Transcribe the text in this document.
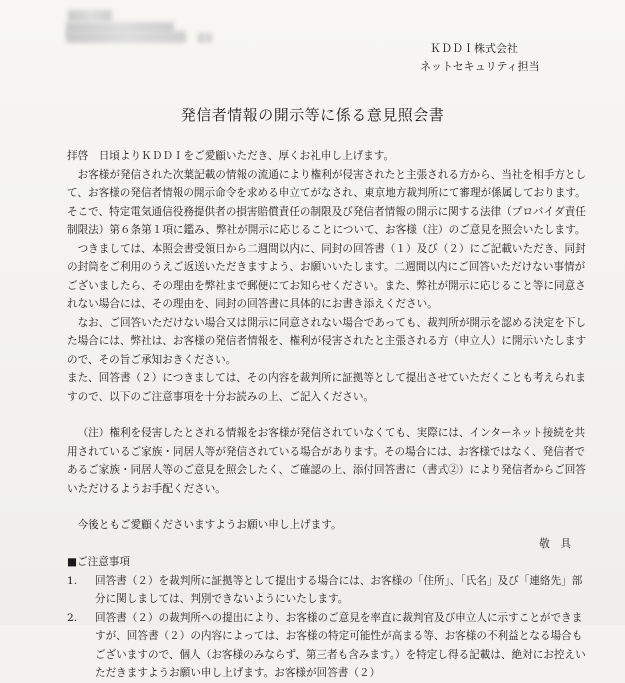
ＫＤＤＩ株式会社
ネットセキュリティ担当
発信者情報の開示等に係る意見照会書

拝啓　日頃よりＫＤＤＩをご愛顧いただき、厚くお礼申し上げます。

お客様が発信された次葉記載の情報の流通により権利が侵害されたと主張される方から、当社を相手方として、お客様の発信者情報の開示命令を求める申立てがなされ、東京地方裁判所にて審理が係属しております。そこで、特定電気通信役務提供者の損害賠償責任の制限及び発信者情報の開示に関する法律（プロバイダ責任制限法）第６条第１項に鑑み、弊社が開示に応じることについて、お客様（注）のご意見を照会いたします。

つきましては、本照会書受領日から二週間以内に、同封の回答書（１）及び（２）にご記載いただき、同封の封筒をご利用のうえご返送いただきますよう、お願いいたします。二週間以内にご回答いただけない事情がございましたら、その理由を弊社まで郵便にてお知らせください。また、弊社が開示に応じること等に同意されない場合には、その理由を、同封の回答書に具体的にお書き添えください。

なお、ご回答いただけない場合又は開示に同意されない場合であっても、裁判所が開示を認める決定を下した場合には、弊社は、お客様の発信者情報を、権利が侵害されたと主張される方（申立人）に開示いたしますので、その旨ご承知おきください。

また、回答書（２）につきましては、その内容を裁判所に証拠等として提出させていただくことも考えられますので、以下のご注意事項を十分お読みの上、ご記入ください。

（注）権利を侵害したとされる情報をお客様が発信されていなくても、実際には、インターネット接続を共用されているご家族・同居人等が発信されている場合があります。その場合には、お客様ではなく、発信者であるご家族・同居人等のご意見を照会したく、ご確認の上、添付回答書に（書式②）により発信者からご回答いただけるようお手配ください。

今後ともご愛顧くださいますようお願い申し上げます。

敬　具

■ご注意事項

1.	回答書（２）を裁判所に証拠等として提出する場合には、お客様の「住所」、「氏名」及び「連絡先」部分に関しましては、判別できないようにいたします。
2.	回答書（２）の裁判所への提出により、お客様のご意見を率直に裁判官及び申立人に示すことができますが、回答書（２）の内容によっては、お客様の特定可能性が高まる等、お客様の不利益となる場合もございますので、個人（お客様のみならず、第三者も含みます。）を特定し得る記載は、絶対にお控えいただきますようお願い申し上げます。お客様が回答書（２）
